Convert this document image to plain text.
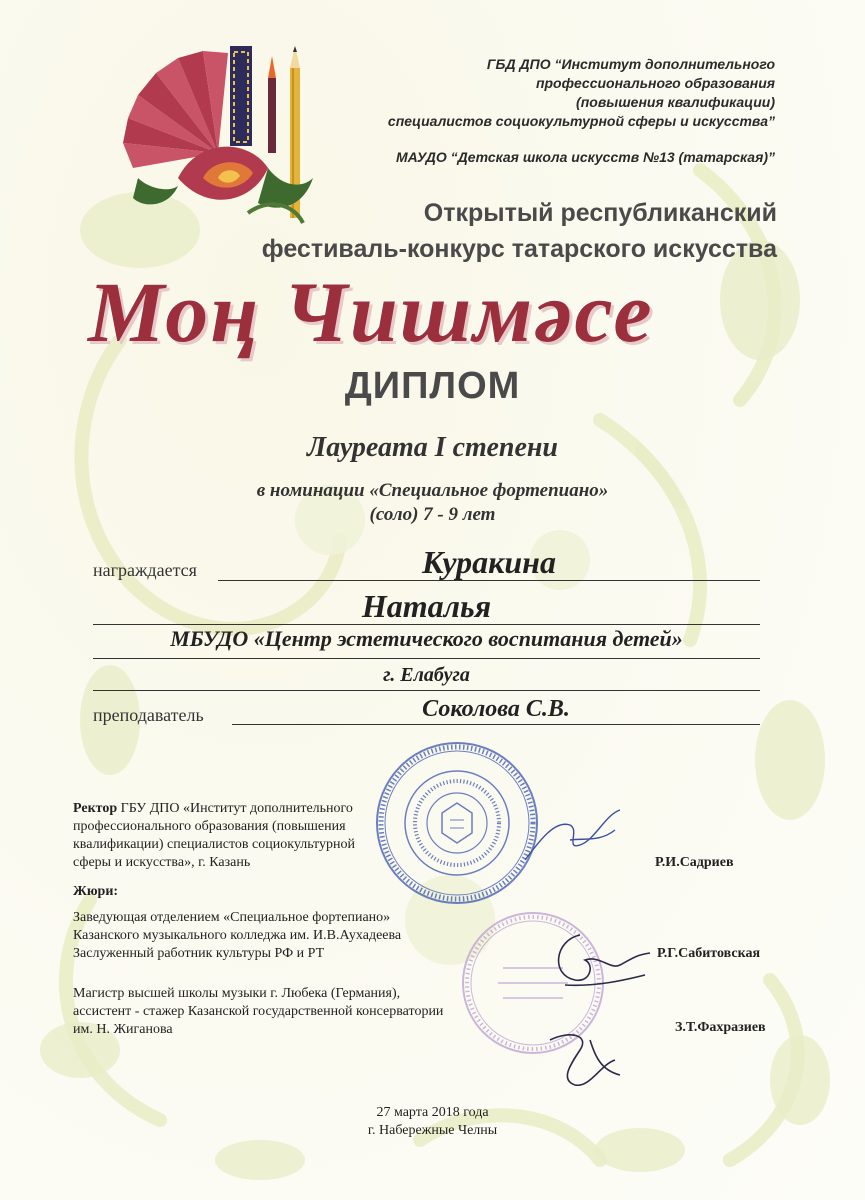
ГБД ДПО “Институт дополнительного
профессионального образования
(повышения квалификации)
специалистов социокультурной сферы и искусства”
МАУДО “Детская школа искусств №13 (татарская)”
Открытый республиканский
фестиваль-конкурс татарского искусства
Моң Чишмәсе
ДИПЛОМ
Лауреата I степени
в номинации «Специальное фортепиано»
(соло) 7 - 9 лет
награждается	Куракина
Наталья
МБУДО «Центр эстетического воспитания детей»
г. Елабуга
преподаватель	Соколова С.В.
Ректор ГБУ ДПО «Институт дополнительного
профессионального образования (повышения
квалификации) специалистов социокультурной
сферы и искусства», г. Казань	Р.И.Садриев
Жюри:
Заведующая отделением «Специальное фортепиано»
Казанского музыкального колледжа им. И.В.Аухадеева
Заслуженный работник культуры РФ и РТ	Р.Г.Сабитовская
Магистр высшей школы музыки г. Любека (Германия),
ассистент - стажер Казанской государственной консерватории
им. Н. Жиганова	З.Т.Фахразиев
27 марта 2018 года
г. Набережные Челны
